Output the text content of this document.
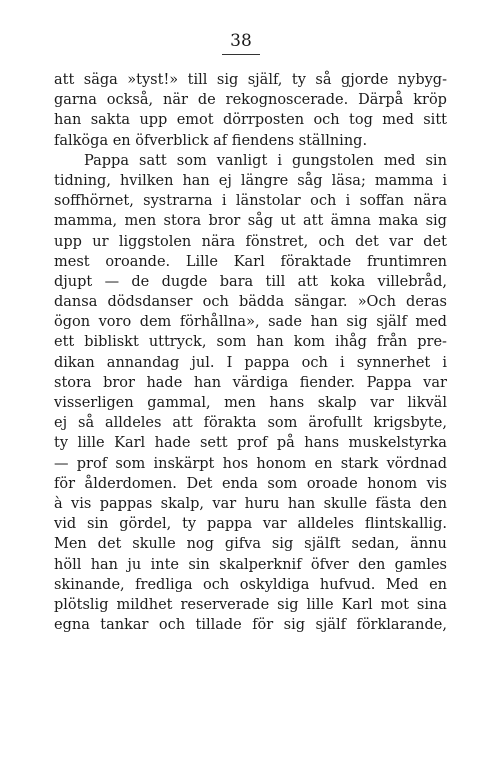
38
att säga »tyst!» till sig själf, ty så gjorde nybyg-
garna också, när de rekognoscerade. Därpå kröp
han sakta upp emot dörrposten och tog med sitt
falköga en öfverblick af fiendens ställning.
Pappa satt som vanligt i gungstolen med sin
tidning, hvilken han ej längre såg läsa; mamma i
soffhörnet, systrarna i länstolar och i soffan nära
mamma, men stora bror såg ut att ämna maka sig
upp ur liggstolen nära fönstret, och det var det
mest oroande. Lille Karl föraktade fruntimren
djupt — de dugde bara till att koka villebråd,
dansa dödsdanser och bädda sängar. »Och deras
ögon voro dem förhållna», sade han sig själf med
ett bibliskt uttryck, som han kom ihåg från pre-
dikan annandag jul. I pappa och i synnerhet i
stora bror hade han värdiga fiender. Pappa var
visserligen gammal, men hans skalp var likväl
ej så alldeles att förakta som ärofullt krigsbyte,
ty lille Karl hade sett prof på hans muskelstyrka
— prof som inskärpt hos honom en stark vördnad
för ålderdomen. Det enda som oroade honom vis
à vis pappas skalp, var huru han skulle fästa den
vid sin gördel, ty pappa var alldeles flintskallig.
Men det skulle nog gifva sig själft sedan, ännu
höll han ju inte sin skalperknif öfver den gamles
skinande, fredliga och oskyldiga hufvud. Med en
plötslig mildhet reserverade sig lille Karl mot sina
egna tankar och tillade för sig själf förklarande,
